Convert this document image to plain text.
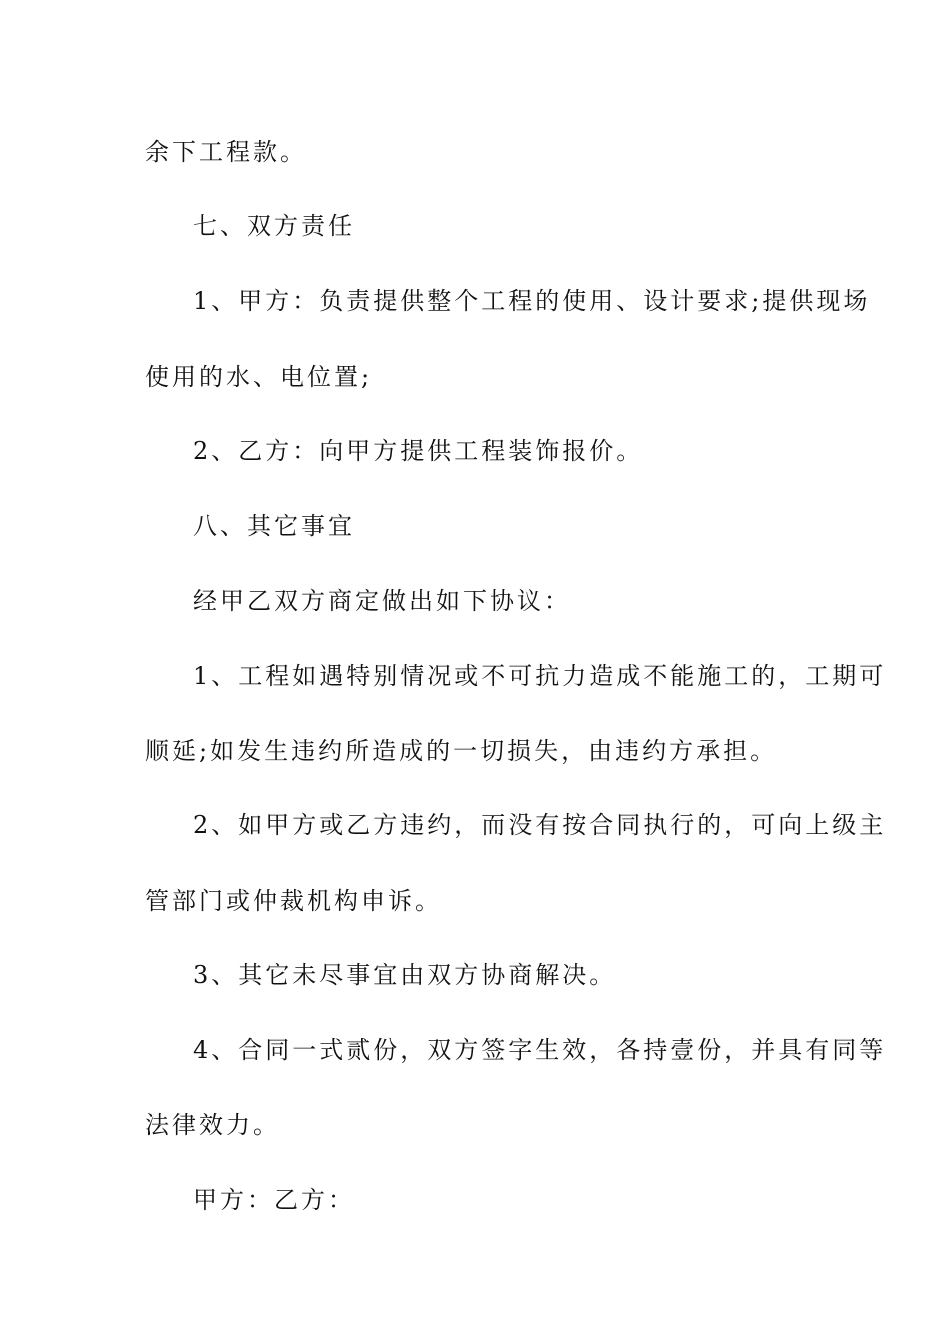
余下工程款。
七、双方责任
1、甲方：负责提供整个工程的使用、设计要求;提供现场
使用的水、电位置;
2、乙方：向甲方提供工程装饰报价。
八、其它事宜
经甲乙双方商定做出如下协议：
1、工程如遇特别情况或不可抗力造成不能施工的，工期可
顺延;如发生违约所造成的一切损失，由违约方承担。
2、如甲方或乙方违约，而没有按合同执行的，可向上级主
管部门或仲裁机构申诉。
3、其它未尽事宜由双方协商解决。
4、合同一式贰份，双方签字生效，各持壹份，并具有同等
法律效力。
甲方：乙方：
